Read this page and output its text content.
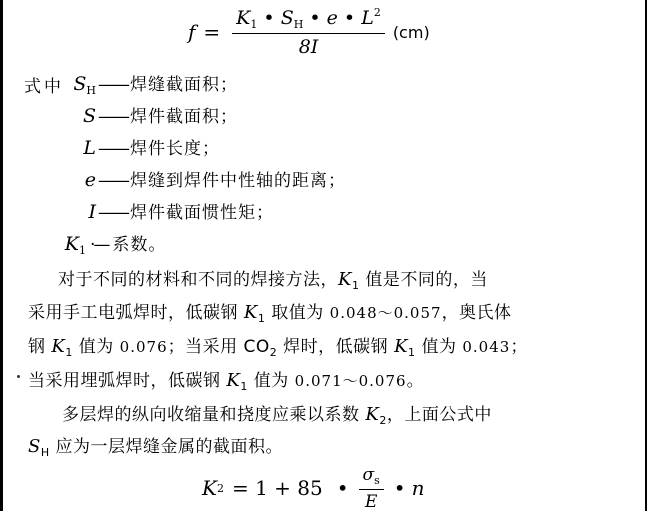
$f = \frac{K_1 • S_H • e • L^2}{8I} (cm)$
式中 $S_H$ —— 焊缝截面积；
S —— 焊件截面积；
L —— 焊件长度；
e —— 焊缝到焊件中性轴的距离；
I —— 焊件截面惯性矩；
$K_1$ ·— 系数。
对于不同的材料和不同的焊接方法，$K_1$ 值是不同的，当
采用手工电弧焊时，低碳钢 $K_1$ 取值为 0.048～0.057，奥氏体
钢 $K_1$ 值为 0.076；当采用 $CO_2$ 焊时，低碳钢 $K_1$ 值为 0.043；
当采用埋弧焊时，低碳钢 $K_1$ 值为 0.071～0.076。
多层焊的纵向收缩量和挠度应乘以系数 $K_2$，上面公式中
$S_H$ 应为一层焊缝金属的截面积。
K 2 = 1 + 85 • $\frac{\sigma_s}{E}$ • n
